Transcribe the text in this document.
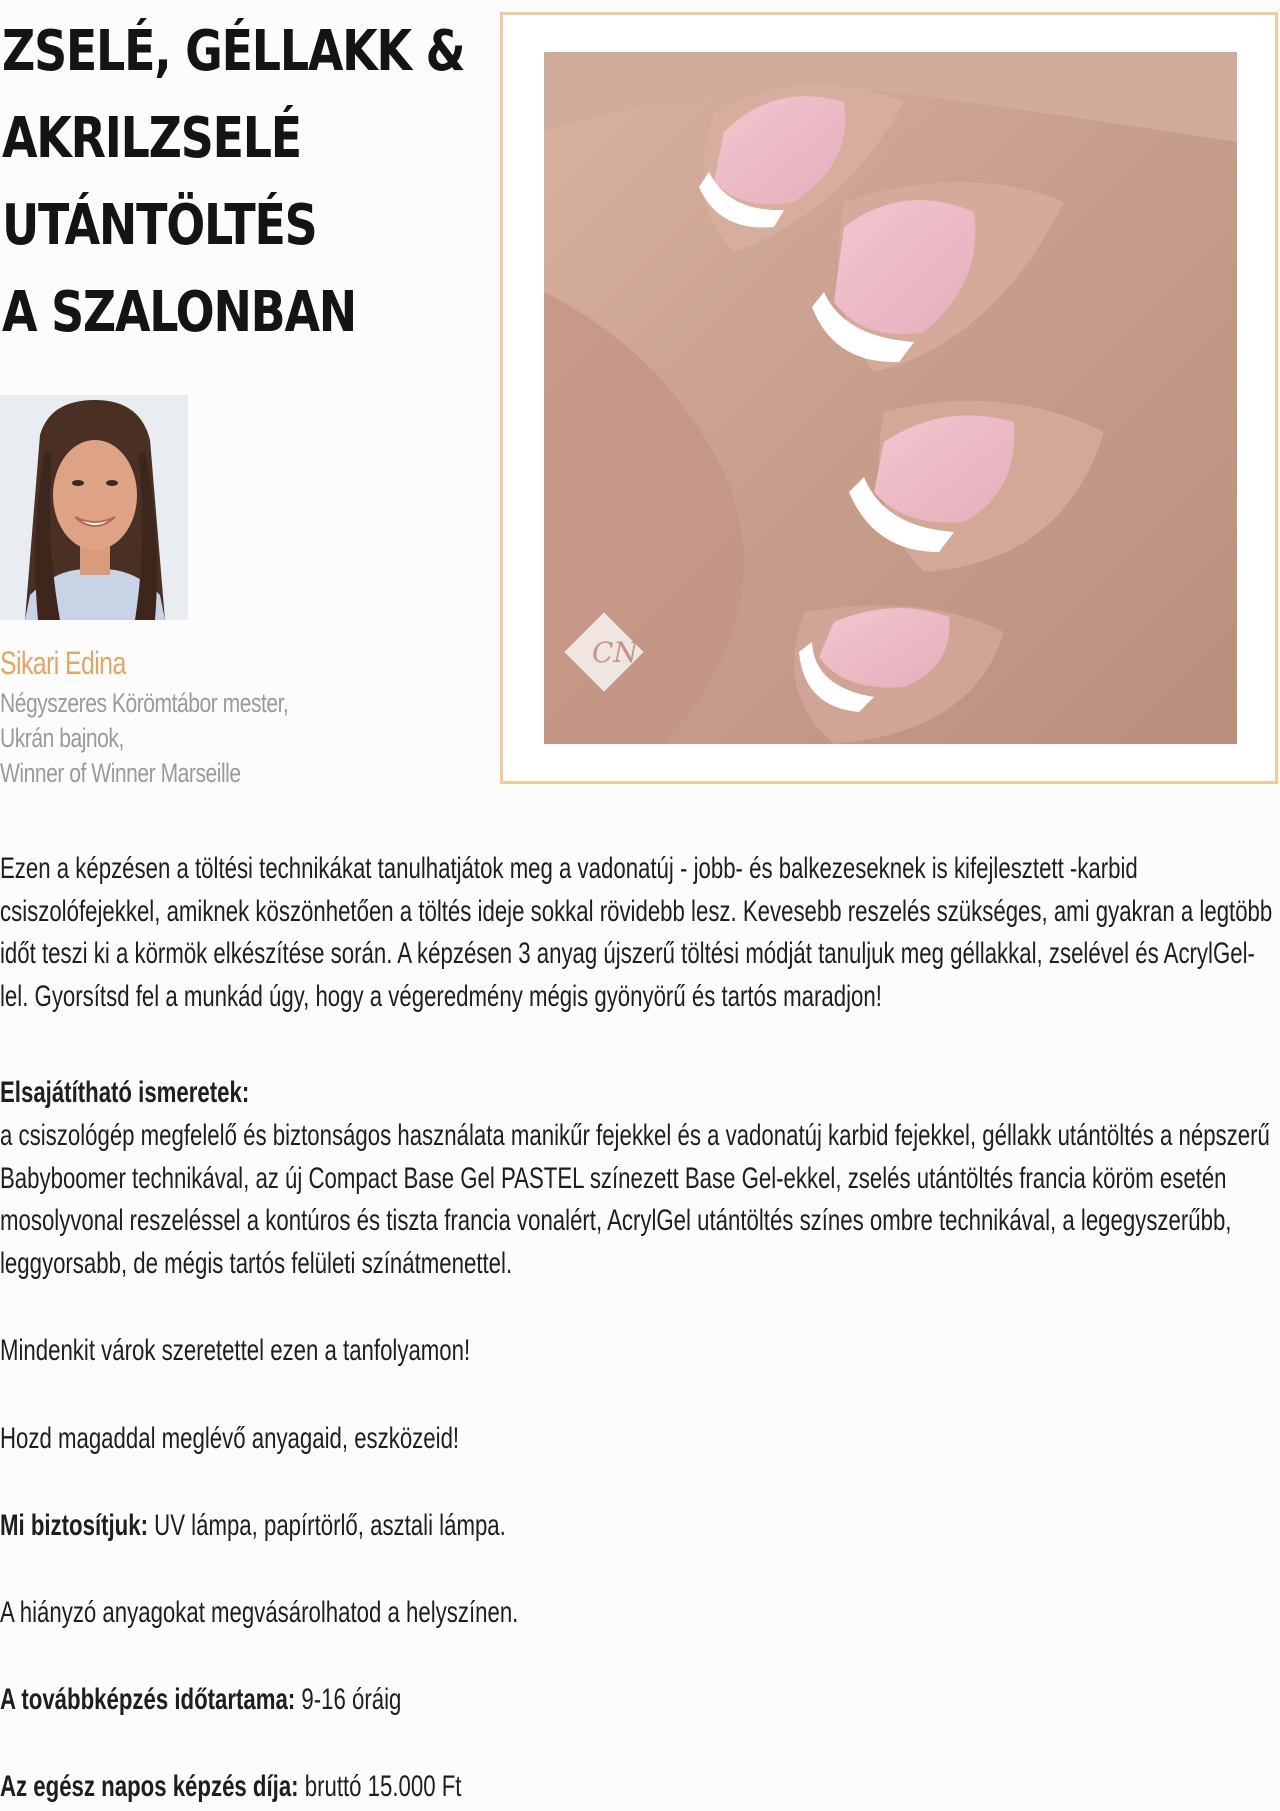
ZSELÉ, GÉLLAKK &
AKRILZSELÉ
UTÁNTÖLTÉS
A SZALONBAN
Sikari Edina
Négyszeres Körömtábor mester,
Ukrán bajnok,
Winner of Winner Marseille
CN
Ezen a képzésen a töltési technikákat tanulhatjátok meg a vadonatúj - jobb- és balkezeseknek is kifejlesztett -karbid csiszolófejekkel, amiknek köszönhetően a töltés ideje sokkal rövidebb lesz. Kevesebb reszelés szükséges, ami gyakran a legtöbb időt teszi ki a körmök elkészítése során. A képzésen 3 anyag újszerű töltési módját tanuljuk meg géllakkal, zselével és AcrylGel-lel. Gyorsítsd fel a munkád úgy, hogy a végeredmény mégis gyönyörű és tartós maradjon!
Elsajátítható ismeretek:
a csiszológép megfelelő és biztonságos használata manikűr fejekkel és a vadonatúj karbid fejekkel, géllakk utántöltés a népszerű Babyboomer technikával, az új Compact Base Gel PASTEL színezett Base Gel-ekkel, zselés utántöltés francia köröm esetén mosolyvonal reszeléssel a kontúros és tiszta francia vonalért, AcrylGel utántöltés színes ombre technikával, a legegyszerűbb, leggyorsabb, de mégis tartós felületi színátmenettel.
Mindenkit várok szeretettel ezen a tanfolyamon!
Hozd magaddal meglévő anyagaid, eszközeid!
Mi biztosítjuk: UV lámpa, papírtörlő, asztali lámpa.
A hiányzó anyagokat megvásárolhatod a helyszínen.
A továbbképzés időtartama: 9-16 óráig
Az egész napos képzés díja: bruttó 15.000 Ft
